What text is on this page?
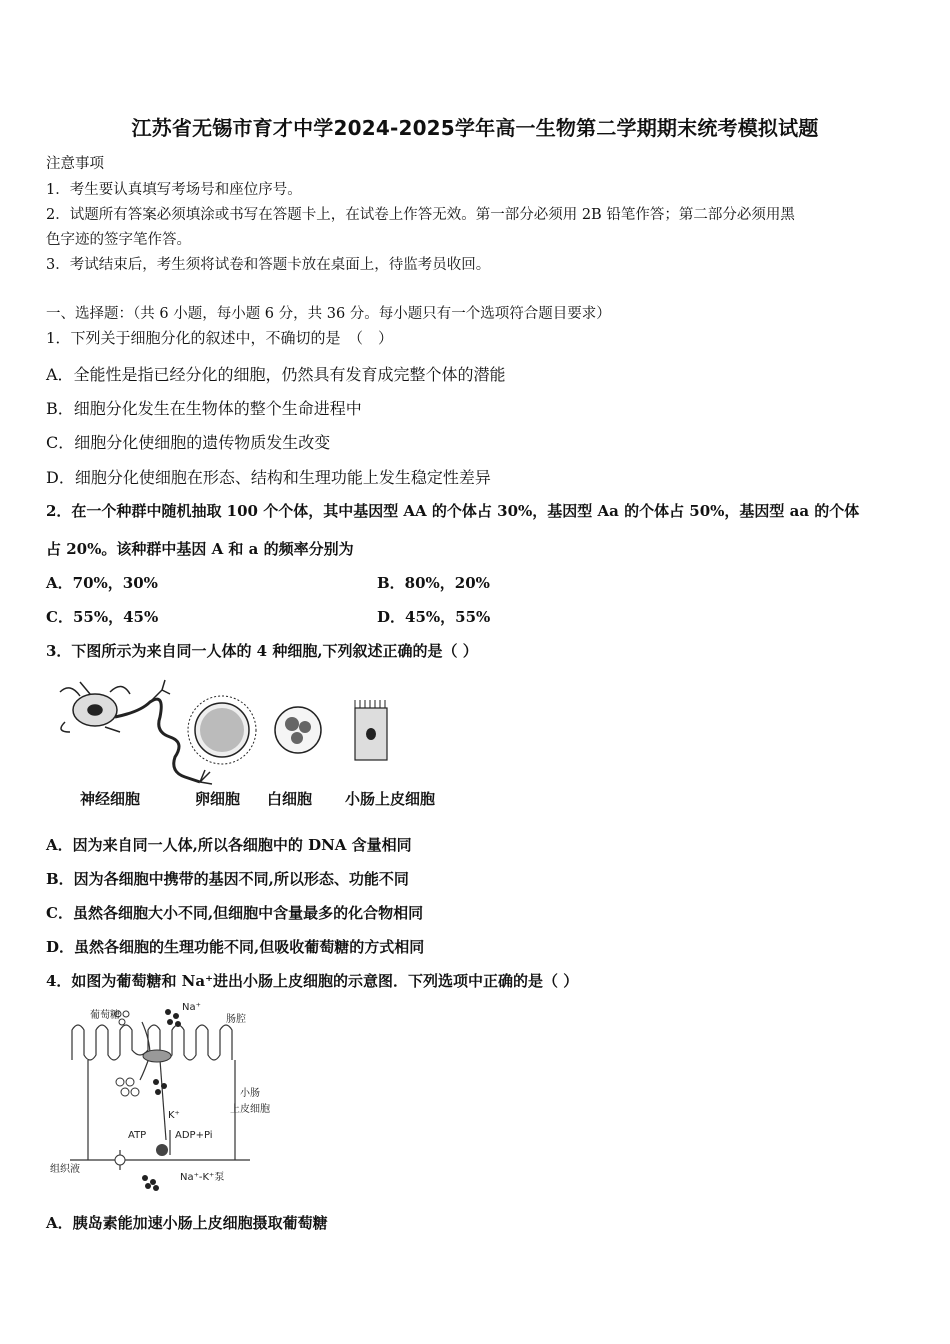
江苏省无锡市育才中学2024-2025学年高一生物第二学期期末统考模拟试题
注意事项
1．考生要认真填写考场号和座位序号。
2．试题所有答案必须填涂或书写在答题卡上，在试卷上作答无效。第一部分必须用 2B 铅笔作答；第二部分必须用黑
色字迹的签字笔作答。
3．考试结束后，考生须将试卷和答题卡放在桌面上，待监考员收回。
一、选择题：（共 6 小题，每小题 6 分，共 36 分。每小题只有一个选项符合题目要求）
1．下列关于细胞分化的叙述中，不确切的是　（　）
A．全能性是指已经分化的细胞，仍然具有发育成完整个体的潜能
B．细胞分化发生在生物体的整个生命进程中
C．细胞分化使细胞的遗传物质发生改变
D．细胞分化使细胞在形态、结构和生理功能上发生稳定性差异
2．在一个种群中随机抽取 100 个个体，其中基因型 AA 的个体占 30%，基因型 Aa 的个体占 50%，基因型 aa 的个体
占 20%。该种群中基因 A 和 a 的频率分别为
A．70%，30%	B．80%，20%
C．55%，45%	D．45%，55%
3．下图所示为来自同一人体的 4 种细胞,下列叙述正确的是（ ）
神经细胞	卵细胞 白细胞 小肠上皮细胞
A．因为来自同一人体,所以各细胞中的 DNA 含量相同
B．因为各细胞中携带的基因不同,所以形态、功能不同
C．虽然各细胞大小不同,但细胞中含量最多的化合物相同
D．虽然各细胞的生理功能不同,但吸收葡萄糖的方式相同
4．如图为葡萄糖和 Na⁺进出小肠上皮细胞的示意图．下列选项中正确的是（ ）
葡萄糖
Na⁺
肠腔
小肠
上皮细胞
K⁺
ATP	ADP+Pi
组织液
Na⁺-K⁺泵
A．胰岛素能加速小肠上皮细胞摄取葡萄糖
